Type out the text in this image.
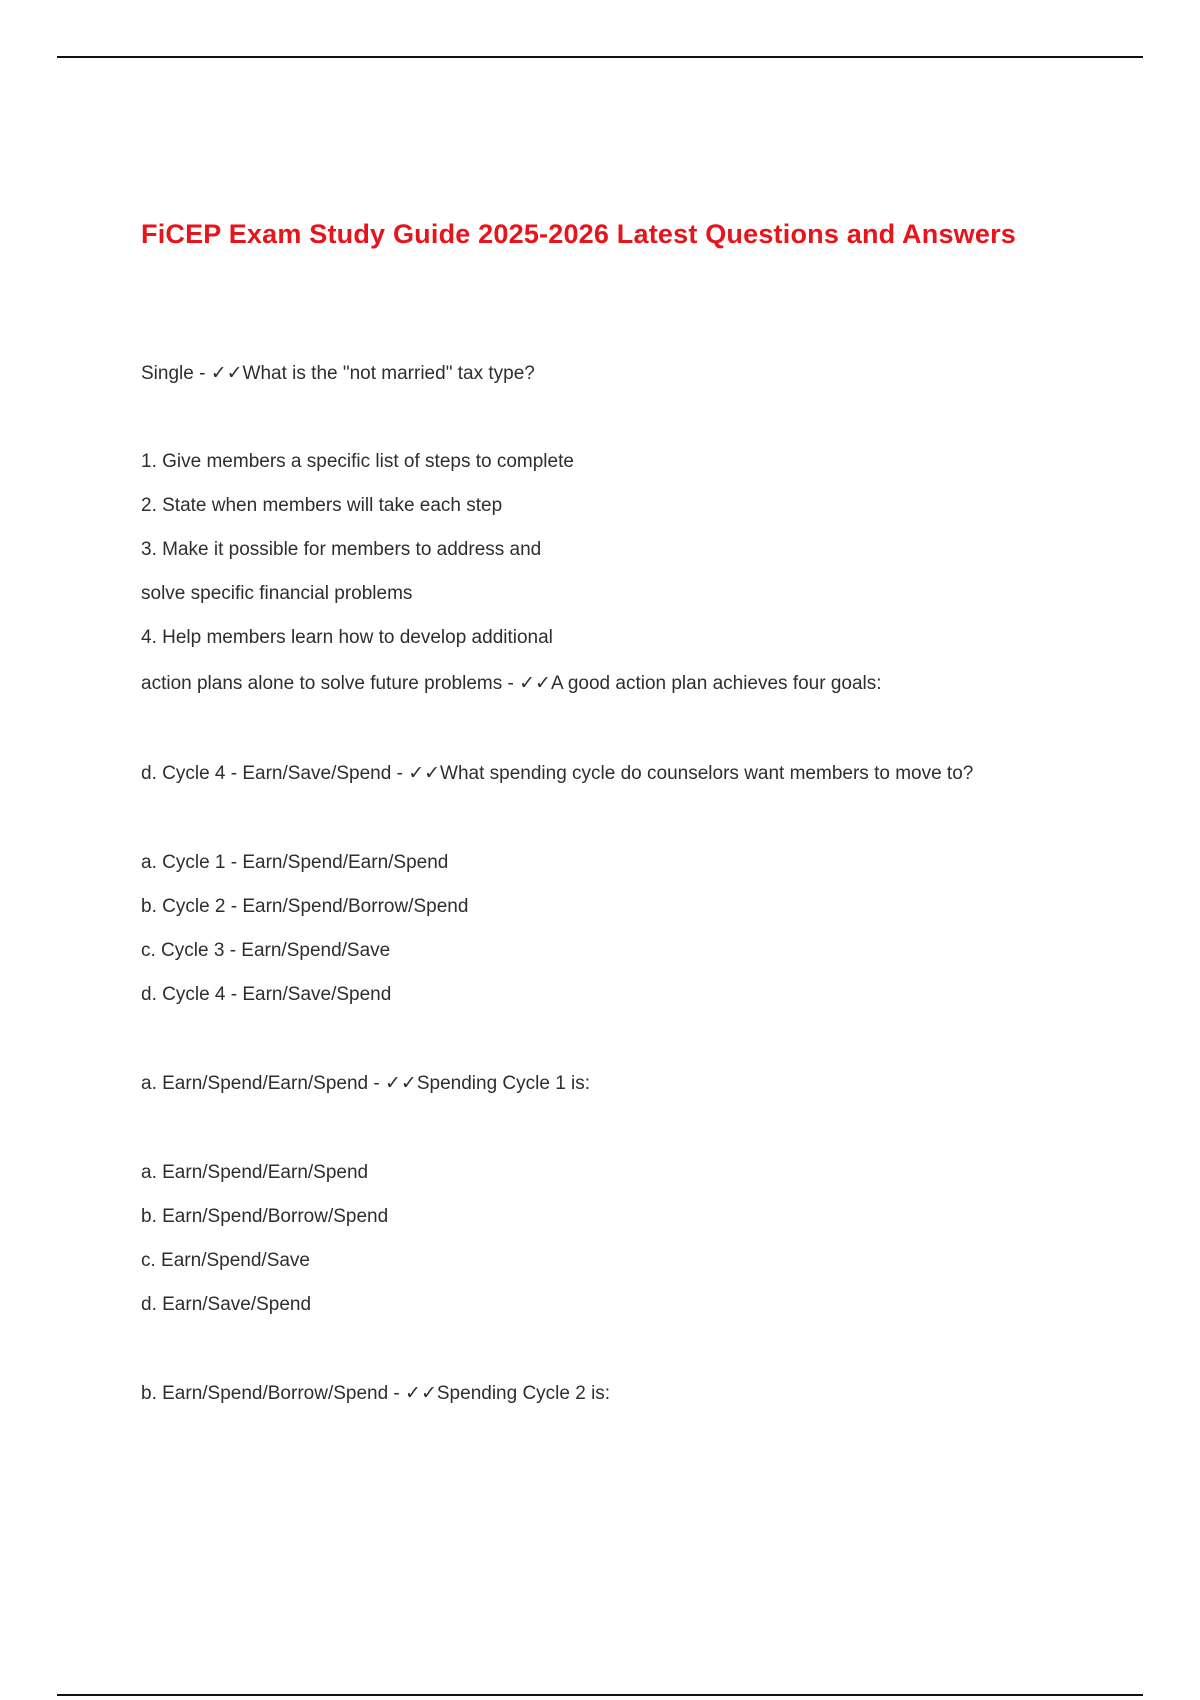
FiCEP Exam Study Guide 2025-2026 Latest Questions and Answers

Single - ✓✓What is the "not married" tax type?

1. Give members a specific list of steps to complete

2. State when members will take each step

3. Make it possible for members to address and

solve specific financial problems

4. Help members learn how to develop additional

action plans alone to solve future problems - ✓✓A good action plan achieves four goals:

d. Cycle 4 - Earn/Save/Spend - ✓✓What spending cycle do counselors want members to move to?

a. Cycle 1 - Earn/Spend/Earn/Spend

b. Cycle 2 - Earn/Spend/Borrow/Spend

c. Cycle 3 - Earn/Spend/Save

d. Cycle 4 - Earn/Save/Spend

a. Earn/Spend/Earn/Spend - ✓✓Spending Cycle 1 is:

a. Earn/Spend/Earn/Spend

b. Earn/Spend/Borrow/Spend

c. Earn/Spend/Save

d. Earn/Save/Spend

b. Earn/Spend/Borrow/Spend - ✓✓Spending Cycle 2 is:
